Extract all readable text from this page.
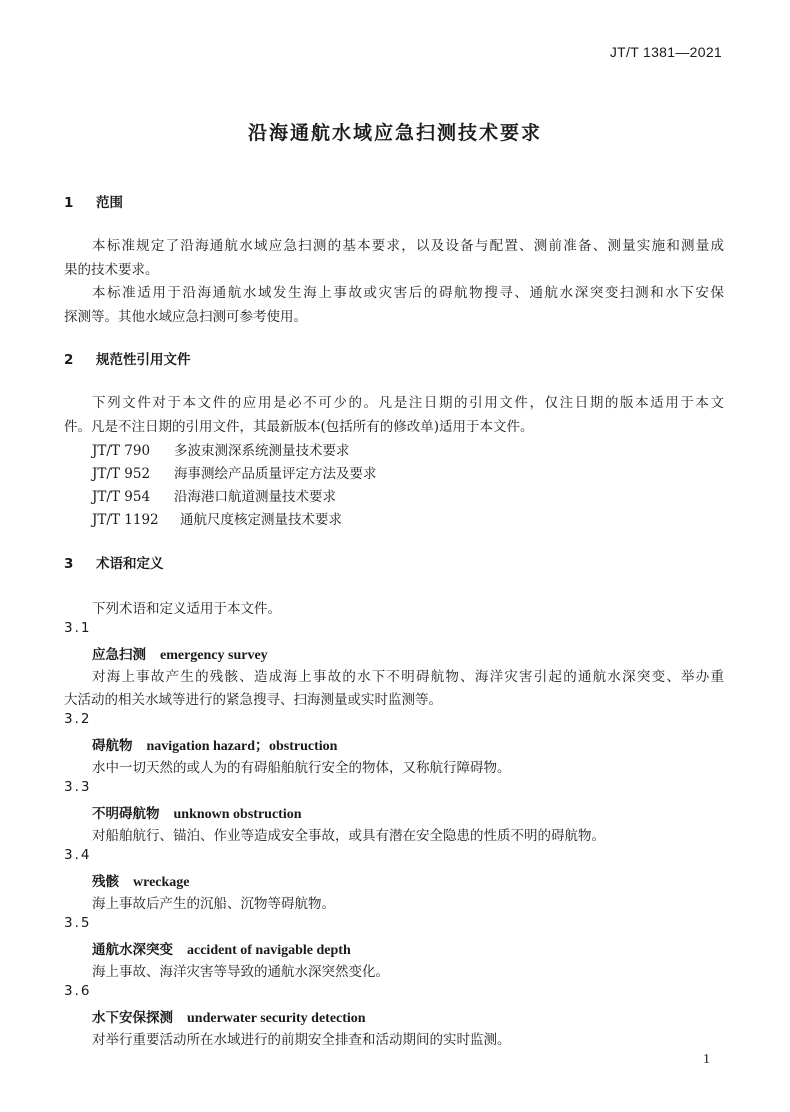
JT/T 1381—2021
沿海通航水域应急扫测技术要求
1 范围
本标准规定了沿海通航水域应急扫测的基本要求，以及设备与配置、测前准备、测量实施和测量成
果的技术要求。
本标准适用于沿海通航水域发生海上事故或灾害后的碍航物搜寻、通航水深突变扫测和水下安保
探测等。其他水域应急扫测可参考使用。
2 规范性引用文件
下列文件对于本文件的应用是必不可少的。凡是注日期的引用文件，仅注日期的版本适用于本文
件。凡是不注日期的引用文件，其最新版本(包括所有的修改单)适用于本文件。
JT/T 790 多波束测深系统测量技术要求
JT/T 952 海事测绘产品质量评定方法及要求
JT/T 954 沿海港口航道测量技术要求
JT/T 1192 通航尺度核定测量技术要求
3 术语和定义
下列术语和定义适用于本文件。
3.1
应急扫测 emergency survey
对海上事故产生的残骸、造成海上事故的水下不明碍航物、海洋灾害引起的通航水深突变、举办重
大活动的相关水域等进行的紧急搜寻、扫海测量或实时监测等。
3.2
碍航物 navigation hazard；obstruction
水中一切天然的或人为的有碍船舶航行安全的物体，又称航行障碍物。
3.3
不明碍航物 unknown obstruction
对船舶航行、锚泊、作业等造成安全事故，或具有潜在安全隐患的性质不明的碍航物。
3.4
残骸 wreckage
海上事故后产生的沉船、沉物等碍航物。
3.5
通航水深突变 accident of navigable depth
海上事故、海洋灾害等导致的通航水深突然变化。
3.6
水下安保探测 underwater security detection
对举行重要活动所在水域进行的前期安全排查和活动期间的实时监测。
1
